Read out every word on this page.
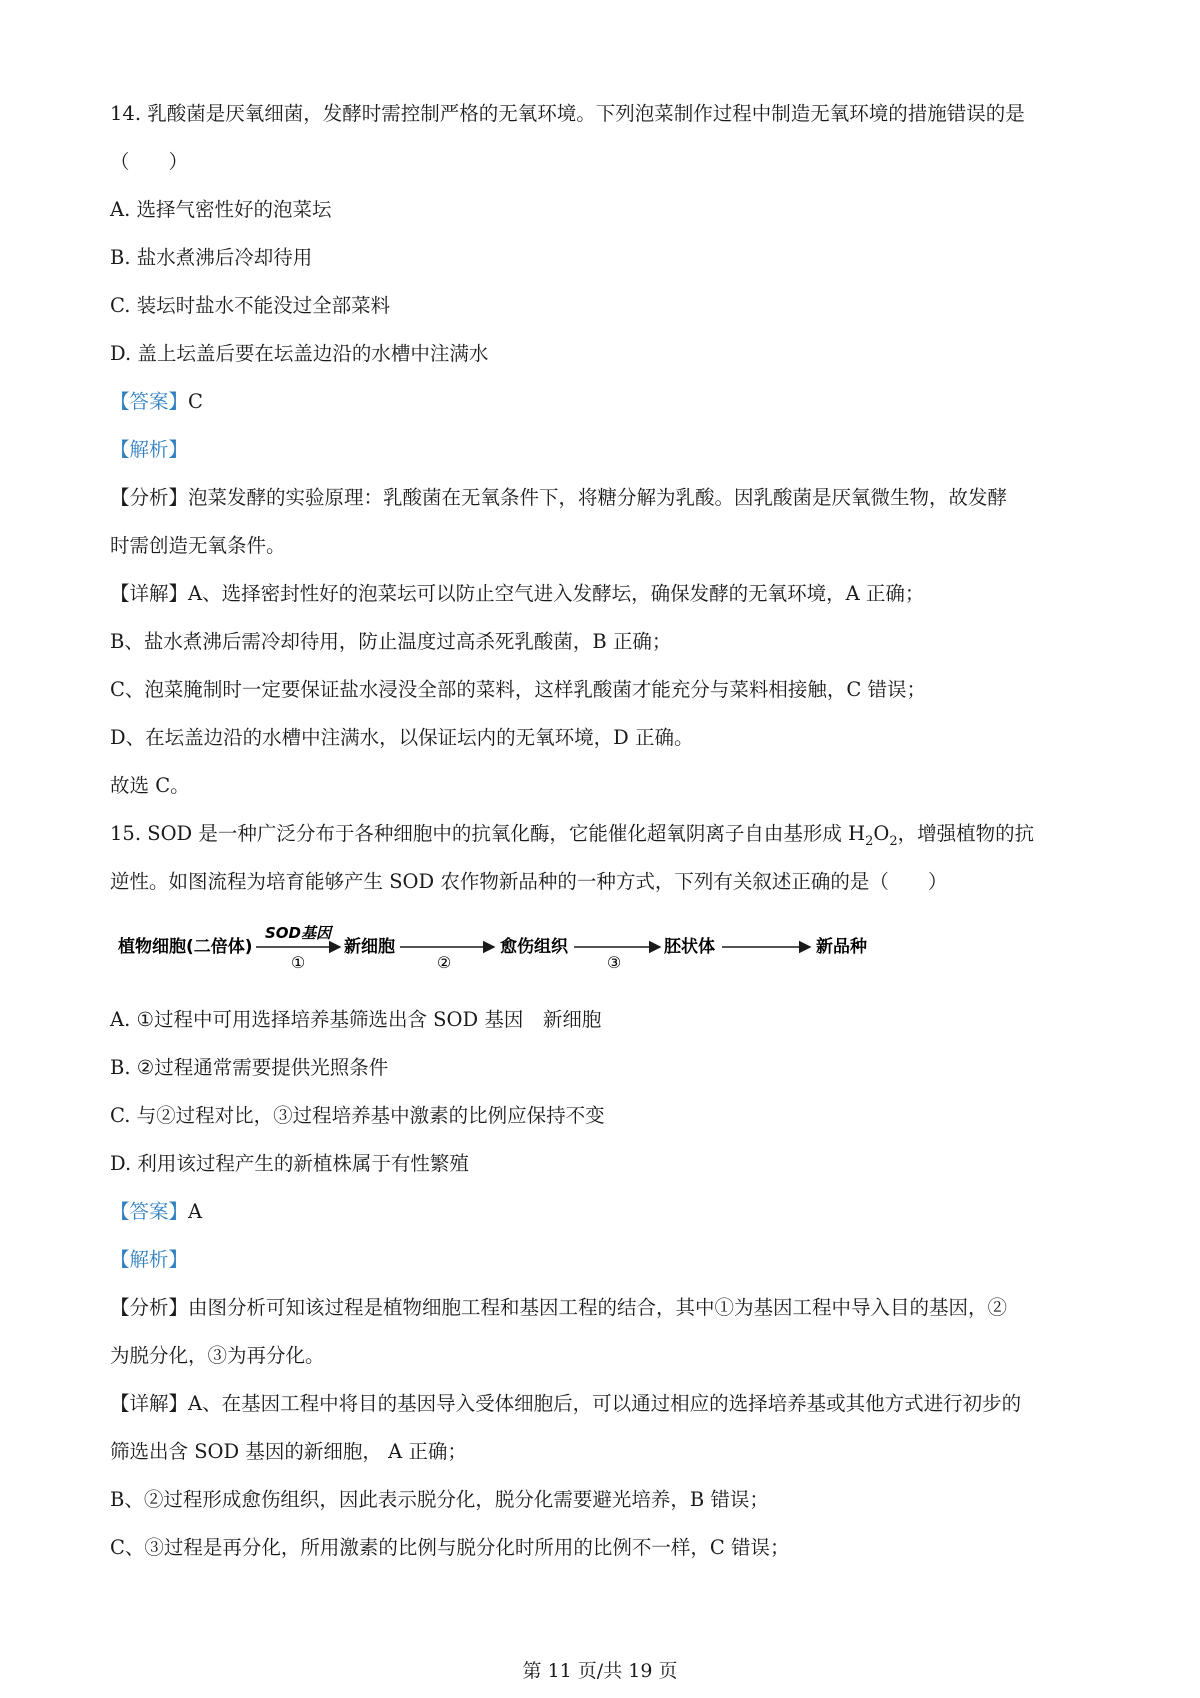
14. 乳酸菌是厌氧细菌，发酵时需控制严格的无氧环境。下列泡菜制作过程中制造无氧环境的措施错误的是
（　　）
A. 选择气密性好的泡菜坛
B. 盐水煮沸后冷却待用
C. 装坛时盐水不能没过全部菜料
D. 盖上坛盖后要在坛盖边沿的水槽中注满水
【答案】C
【解析】
【分析】泡菜发酵的实验原理：乳酸菌在无氧条件下，将糖分解为乳酸。因乳酸菌是厌氧微生物，故发酵
时需创造无氧条件。
【详解】A、选择密封性好的泡菜坛可以防止空气进入发酵坛，确保发酵的无氧环境，A 正确；
B、盐水煮沸后需冷却待用，防止温度过高杀死乳酸菌，B 正确；
C、泡菜腌制时一定要保证盐水浸没全部的菜料，这样乳酸菌才能充分与菜料相接触，C 错误；
D、在坛盖边沿的水槽中注满水，以保证坛内的无氧环境，D 正确。
故选 C。
15. SOD 是一种广泛分布于各种细胞中的抗氧化酶，它能催化超氧阴离子自由基形成 $H_2O_2$，增强植物的抗
逆性。如图流程为培育能够产生 SOD 农作物新品种的一种方式，下列有关叙述正确的是（　　）
植物细胞(二倍体)
SOD基因
①
新细胞
②
愈伤组织
③
胚状体	新品种
A. ①过程中可用选择培养基筛选出含 SOD 基因　新细胞
B. ②过程通常需要提供光照条件
C. 与②过程对比，③过程培养基中激素的比例应保持不变
D. 利用该过程产生的新植株属于有性繁殖
【答案】A
【解析】
【分析】由图分析可知该过程是植物细胞工程和基因工程的结合，其中①为基因工程中导入目的基因，②
为脱分化，③为再分化。
【详解】A、在基因工程中将目的基因导入受体细胞后，可以通过相应的选择培养基或其他方式进行初步的
筛选出含 SOD 基因的新细胞， A 正确；
B、②过程形成愈伤组织，因此表示脱分化，脱分化需要避光培养，B 错误；
C、③过程是再分化，所用激素的比例与脱分化时所用的比例不一样，C 错误；
第 11 页/共 19 页
